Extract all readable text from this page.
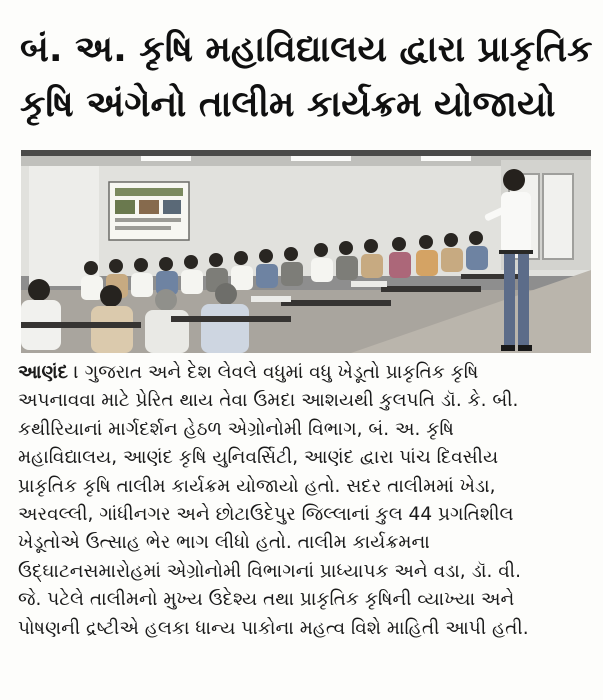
બં. અ. કૃષિ મહાવિદ્યાલય દ્વારા પ્રાકૃતિક
કૃષિ અંગેનો તાલીમ કાર્યક્રમ યોજાયો
આણંદ । ગુજરાત અને દેશ લેવલે વધુમાં વધુ ખેડૂતો પ્રાકૃતિક કૃષિ
અપનાવવા માટે પ્રેરિત થાય તેવા ઉમદા આશયથી કુલપતિ ડૉ. કે. બી.
કથીરિયાનાં માર્ગદર્શન હેઠળ એગ્રોનોમી વિભાગ, બં. અ. કૃષિ
મહાવિદ્યાલય, આણંદ કૃષિ યુનિવર્સિટી, આણંદ દ્વારા પાંચ દિવસીય
પ્રાકૃતિક કૃષિ તાલીમ કાર્યક્રમ યોજાયો હતો. સદર તાલીમમાં ખેડા,
અરવલ્લી, ગાંધીનગર અને છોટાઉદેપુર જિલ્લાનાં કુલ 44 પ્રગતિશીલ
ખેડૂતોએ ઉત્સાહ ભેર ભાગ લીધો હતો. તાલીમ કાર્યક્રમના
ઉદ્ઘાટનસમારોહમાં એગ્રોનોમી વિભાગનાં પ્રાધ્યાપક અને વડા, ડૉ. વી.
જે. પટેલે તાલીમનો મુખ્ય ઉદેશ્ય તથા પ્રાકૃતિક કૃષિની વ્યાખ્યા અને
પોષણની દ્રષ્ટીએ હલકા ધાન્ય પાકોના મહત્વ વિશે માહિતી આપી હતી.
